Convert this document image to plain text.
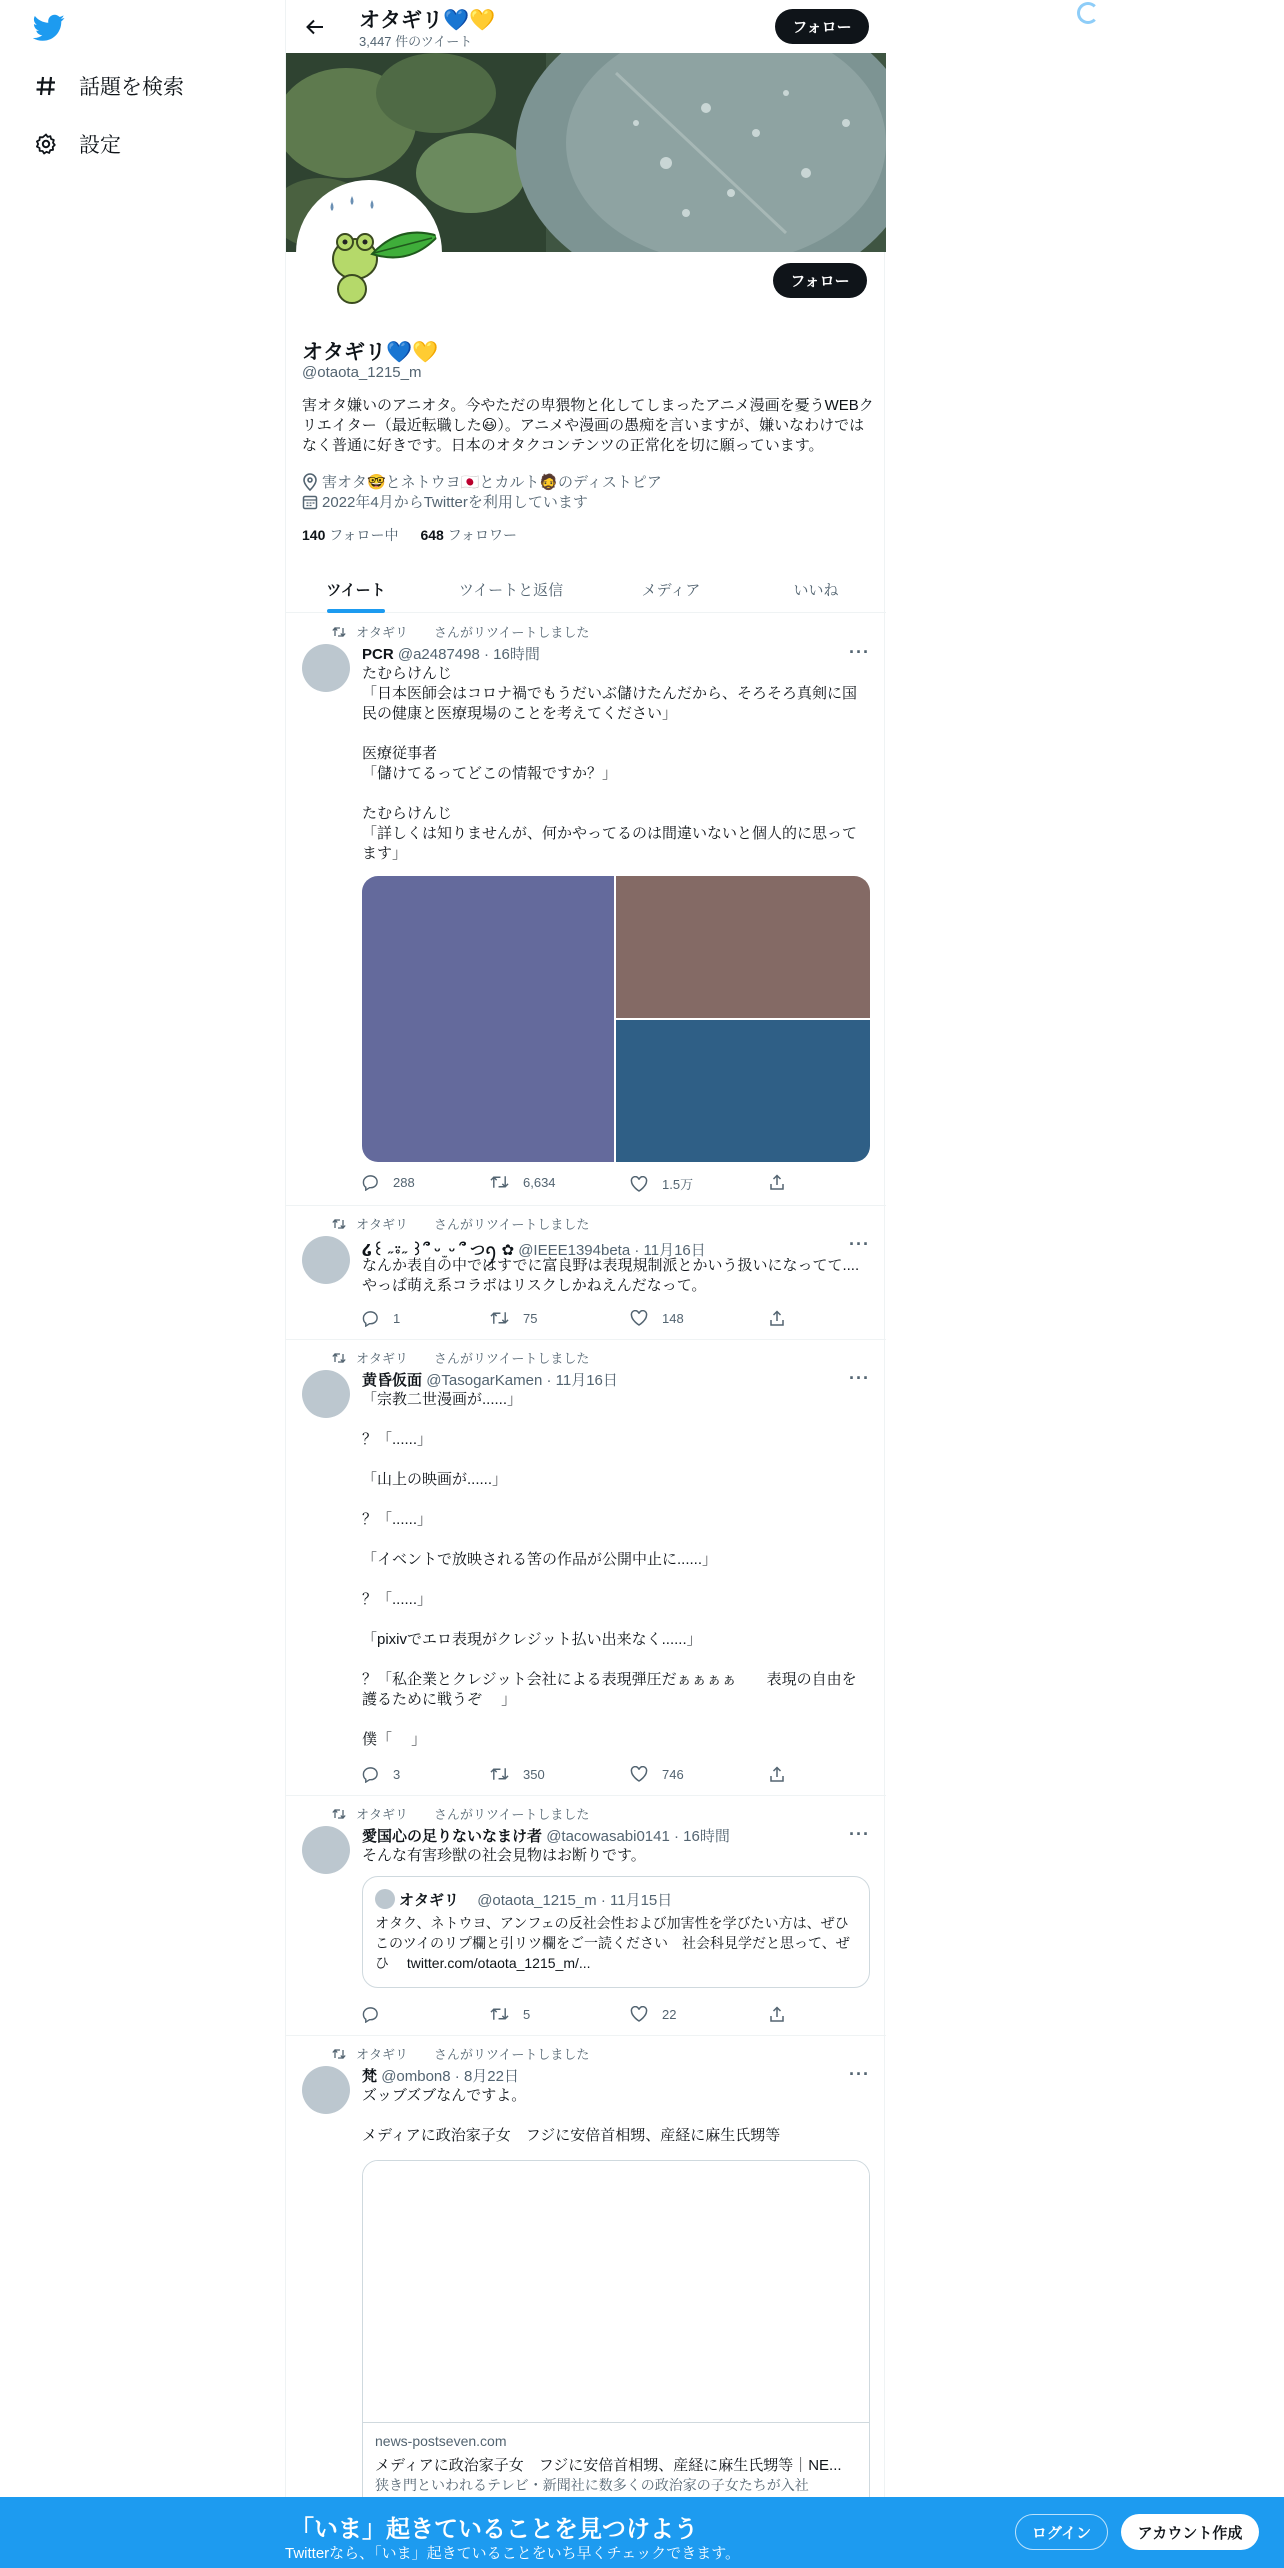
話題を検索
設定
オタギリ💙💛
3,447 件のツイート
フォロー
フォロー
オタギリ💙💛
@otaota_1215_m
害オタ嫌いのアニオタ。今やただの卑猥物と化してしまったアニメ漫画を憂うWEBクリエイター（最近転職した😃）。アニメや漫画の愚痴を言いますが、嫌いなわけではなく普通に好きです。日本のオタクコンテンツの正常化を切に願っています。
害オタ🤓とネトウヨ🇯🇵とカルト🧔のディストピア
2022年4月からTwitterを利用しています
140 フォロー中 648 フォロワー
ツイート	ツイートと返信	メディア	いいね
オタギリ　　さんがリツイートしました
PCR @a2487498 · 16時間	···
たむらけんじ
「日本医師会はコロナ禍でもうだいぶ儲けたんだから、そろそろ真剣に国民の健康と医療現場のことを考えてください」

医療従事者
「儲けてるってどこの情報ですか？」

たむらけんじ
「詳しくは知りませんが、何かやってるのは間違いないと個人的に思ってます」
288	6,634	1.5万
オタギリ　　さんがリツイートしました
໒꒰ ˶⍤˶ ꒱՞ ᵕ ̫ ᵕ ՞ つꪆ ✿ @IEEE1394beta · 11月16日	···
なんか表自の中ではすでに富良野は表現規制派とかいう扱いになってて....
やっぱ萌え系コラボはリスクしかねえんだなって。
1	75	148
オタギリ　　さんがリツイートしました
黄昏仮面 @TasogarKamen · 11月16日	···
「宗教二世漫画が......」

？「......」

「山上の映画が......」

？「......」

「イベントで放映される筈の作品が公開中止に......」

？「......」

「pixivでエロ表現がクレジット払い出来なく......」

？「私企業とクレジット会社による表現弾圧だぁぁぁぁ　　表現の自由を護るために戦うぞ　 」

僕「　 」
3	350	746
オタギリ　　さんがリツイートしました
愛国心の足りないなまけ者 @tacowasabi0141 · 16時間	···
そんな有害珍獣の社会見物はお断りです。
オタギリ @otaota_1215_m · 11月15日
オタク、ネトウヨ、アンフェの反社会性および加害性を学びたい方は、ぜひこのツイのリプ欄と引リツ欄をご一読ください　社会科見学だと思って、ぜひ　 twitter.com/otaota_1215_m/...
5	22
オタギリ　　さんがリツイートしました
梵 @ombon8 · 8月22日	···
ズッブズブなんですよ。

メディアに政治家子女　フジに安倍首相甥、産経に麻生氏甥等
news-postseven.com
メディアに政治家子女　フジに安倍首相甥、産経に麻生氏甥等｜NE...
狭き門といわれるテレビ・新聞社に数多くの政治家の子女たちが入社
「いま」起きていることを見つけよう
Twitterなら、「いま」起きていることをいち早くチェックできます。
ログイン	アカウント作成
